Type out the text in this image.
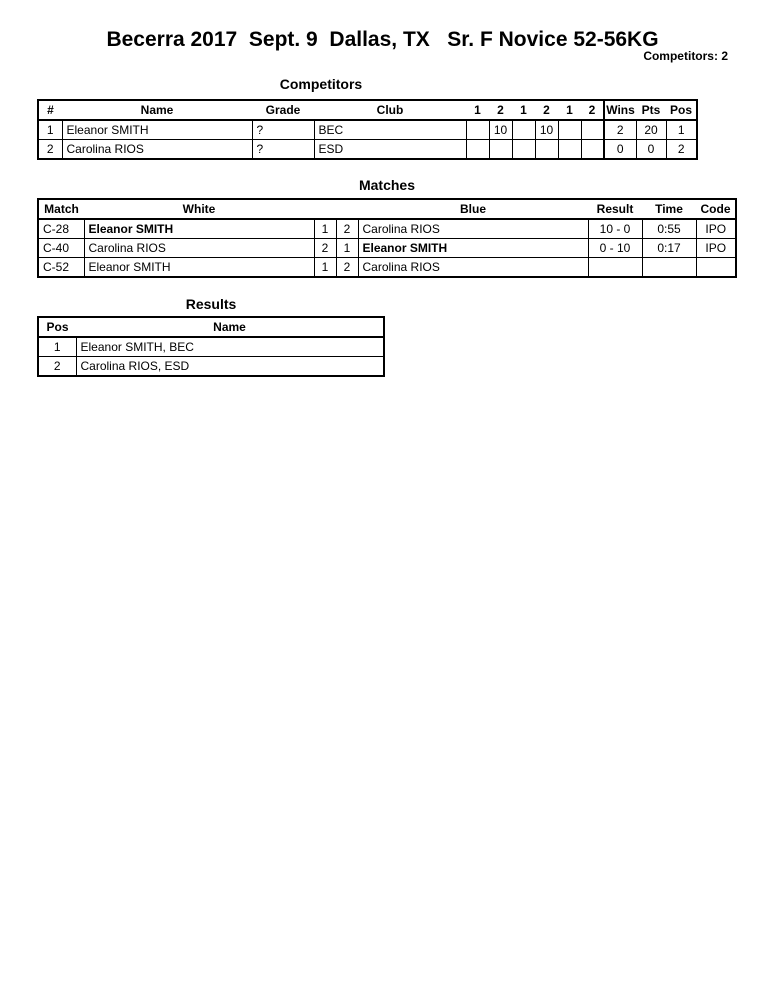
Becerra 2017  Sept. 9  Dallas, TX   Sr. F Novice 52-56KG
Competitors: 2
Competitors
#	Name	Grade	Club	1	2	1	2	1	2	Wins	Pts	Pos
1	Eleanor SMITH	?	BEC		10		10			2	20	1
2	Carolina RIOS	?	ESD							0	0	2
Matches
Match	White			Blue	Result	Time	Code
C-28	Eleanor SMITH	1	2	Carolina RIOS	10 - 0	0:55	IPO
C-40	Carolina RIOS	2	1	Eleanor SMITH	0 - 10	0:17	IPO
C-52	Eleanor SMITH	1	2	Carolina RIOS			
Results
Pos	Name
1	Eleanor SMITH, BEC
2	Carolina RIOS, ESD
